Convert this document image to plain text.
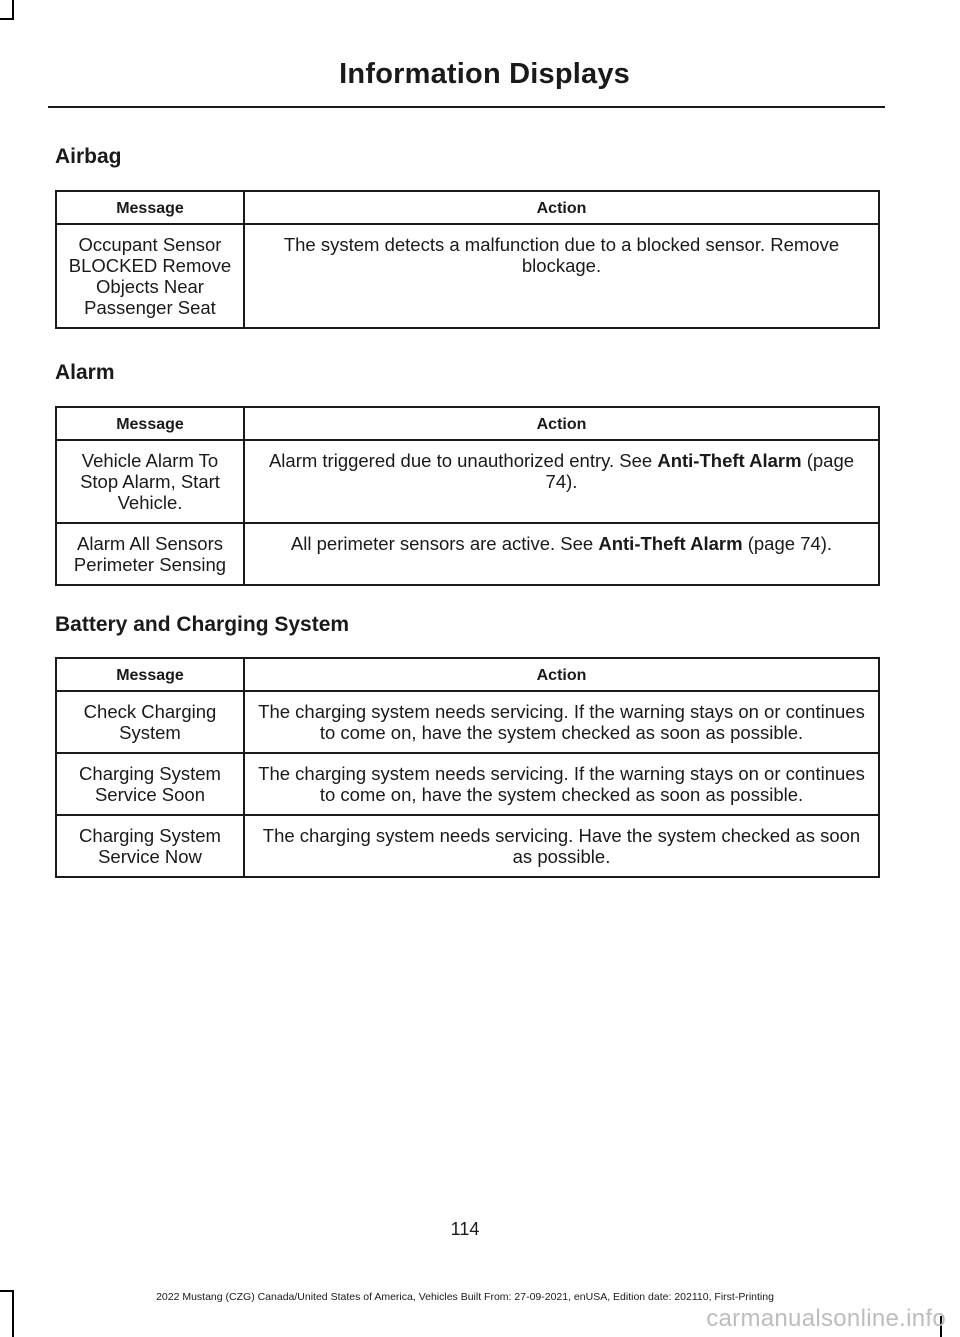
Information Displays
Airbag
Message	Action
Occupant Sensor BLOCKED Remove Objects Near Passenger Seat	The system detects a malfunction due to a blocked sensor. Remove blockage.
Alarm
Message	Action
Vehicle Alarm To Stop Alarm, Start Vehicle.	Alarm triggered due to unauthorized entry. See Anti-Theft Alarm (page 74).
Alarm All Sensors Perimeter Sensing	All perimeter sensors are active. See Anti-Theft Alarm (page 74).
Battery and Charging System
Message	Action
Check Charging System	The charging system needs servicing. If the warning stays on or continues to come on, have the system checked as soon as possible.
Charging System Service Soon	The charging system needs servicing. If the warning stays on or continues to come on, have the system checked as soon as possible.
Charging System Service Now	The charging system needs servicing. Have the system checked as soon as possible.

114

2022 Mustang (CZG) Canada/United States of America, Vehicles Built From: 27-09-2021, enUSA, Edition date: 202110, First-Printing

carmanualsonline.info
